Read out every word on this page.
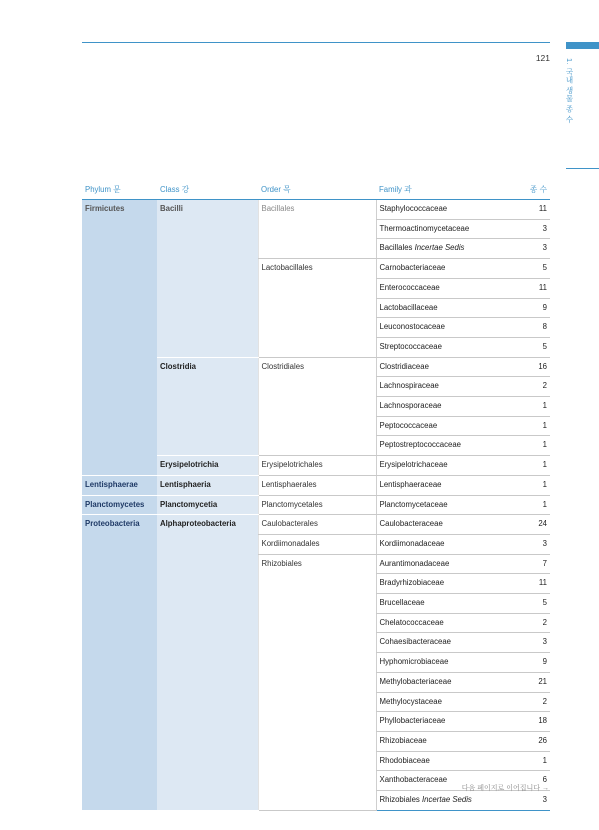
121 1. 국내 생물 종 수
Phylum 문	Class 강	Order 목	Family 과	종 수
Firmicutes	Bacilli	Bacillales	Staphylococcaceae	11
			Thermoactinomycetaceae	3
			Bacillales Incertae Sedis	3
		Lactobacillales	Carnobacteriaceae	5
			Enterococcaceae	11
			Lactobacillaceae	9
			Leuconostocaceae	8
			Streptococcaceae	5
	Clostridia	Clostridiales	Clostridiaceae	16
			Lachnospiraceae	2
			Lachnosporaceae	1
			Peptococcaceae	1
			Peptostreptococcaceae	1
	Erysipelotrichia	Erysipelotrichales	Erysipelotrichaceae	1
Lentisphaerae	Lentisphaeria	Lentisphaerales	Lentisphaeraceae	1
Planctomycetes	Planctomycetia	Planctomycetales	Planctomycetaceae	1
Proteobacteria	Alphaproteobacteria	Caulobacterales	Caulobacteraceae	24
		Kordiimonadales	Kordiimonadaceae	3
		Rhizobiales	Aurantimonadaceae	7
			Bradyrhizobiaceae	11
			Brucellaceae	5
			Chelatococcaceae	2
			Cohaesibacteraceae	3
			Hyphomicrobiaceae	9
			Methylobacteriaceae	21
			Methylocystaceae	2
			Phyllobacteriaceae	18
			Rhizobiaceae	26
			Rhodobiaceae	1
			Xanthobacteraceae	6
			Rhizobiales Incertae Sedis	3
다음 페이지로 이어집니다 →
